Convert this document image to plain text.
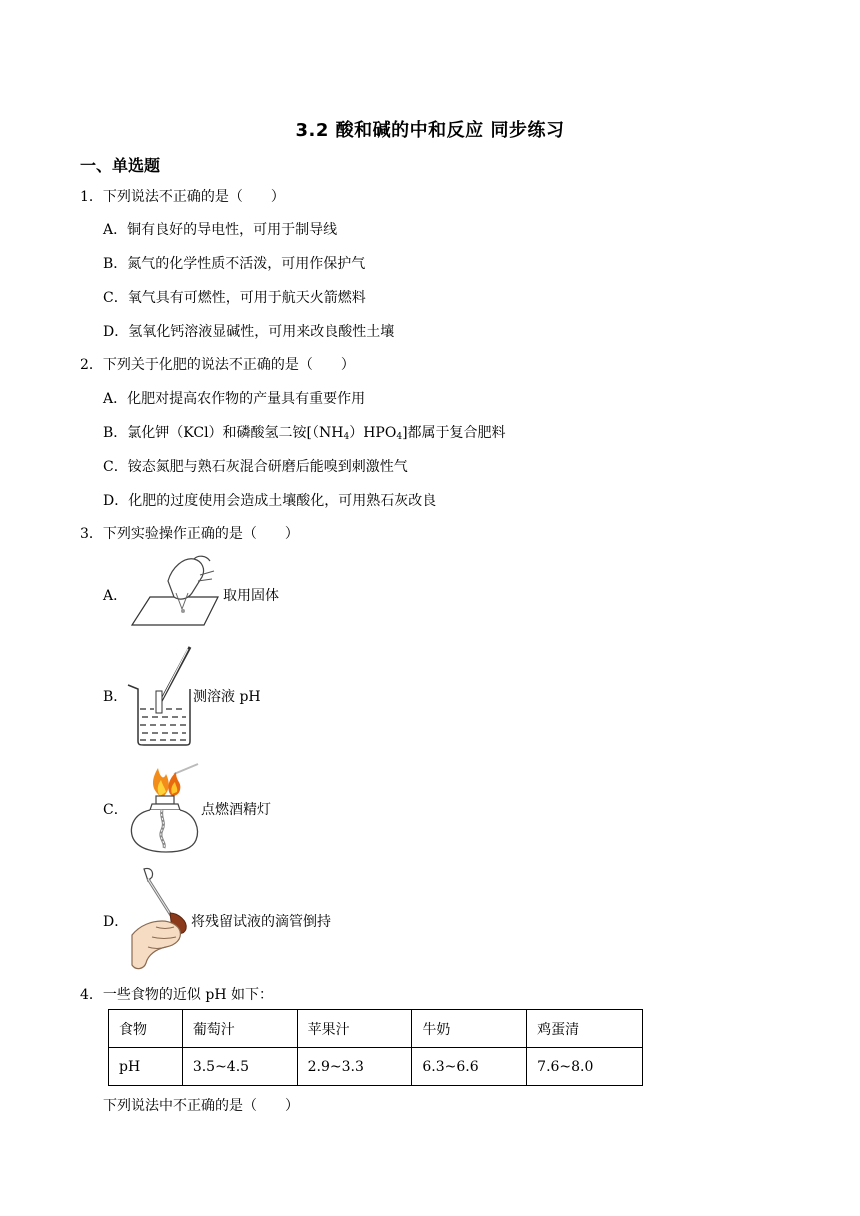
3.2 酸和碱的中和反应 同步练习
一、单选题
1．下列说法不正确的是（　　）
A．铜有良好的导电性，可用于制导线
B．氮气的化学性质不活泼，可用作保护气
C．氧气具有可燃性，可用于航天火箭燃料
D．氢氧化钙溶液显碱性，可用来改良酸性土壤
2．下列关于化肥的说法不正确的是（　　）
A．化肥对提高农作物的产量具有重要作用
B．氯化钾（KCl）和磷酸氢二铵$[(NH_4)HPO_4]$都属于复合肥料
C．铵态氮肥与熟石灰混合研磨后能嗅到刺激性气
D．化肥的过度使用会造成土壤酸化，可用熟石灰改良
3．下列实验操作正确的是（　　）
A．	取用固体
B．	测溶液 pH
C．	点燃酒精灯
D．	将残留试液的滴管倒持
4．一些食物的近似 pH 如下：
食物	葡萄汁	苹果汁	牛奶	鸡蛋清
pH	3.5~4.5	2.9~3.3	6.3~6.6	7.6~8.0
下列说法中不正确的是（　　）
